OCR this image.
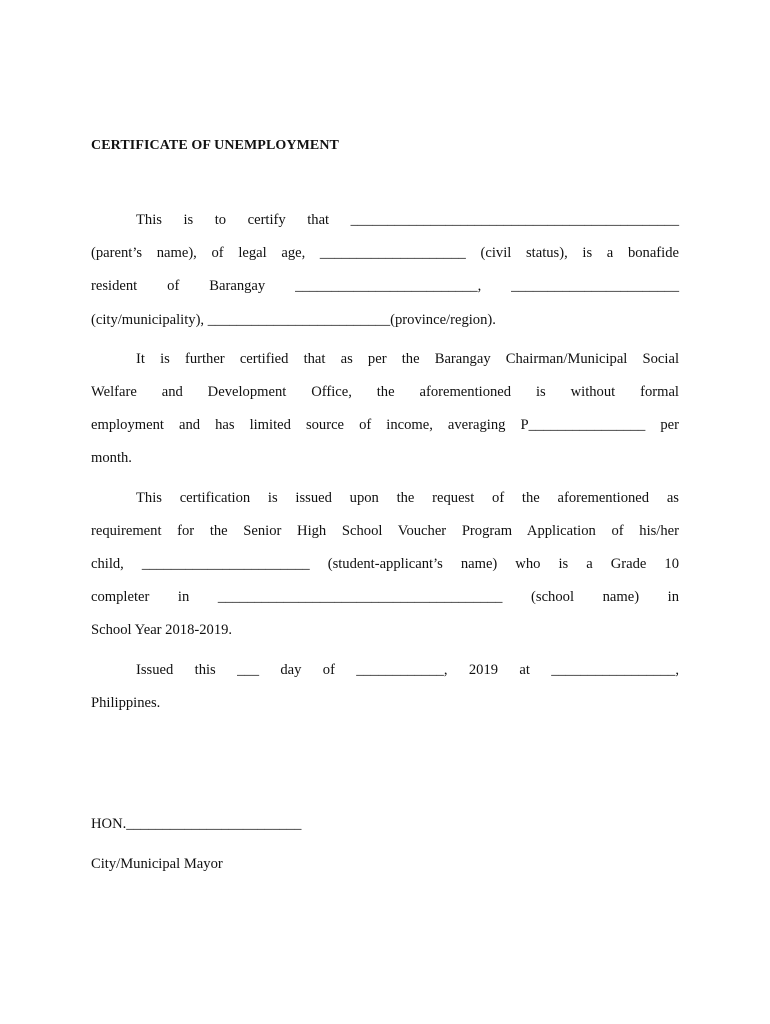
CERTIFICATE OF UNEMPLOYMENT
This is to certify that _____________________________________________
(parent’s name), of legal age, ____________________ (civil status), is a bonafide
resident of Barangay _________________________, _______________________
(city/municipality), _________________________(province/region).
It is further certified that as per the Barangay Chairman/Municipal Social
Welfare and Development Office, the aforementioned is without formal
employment and has limited source of income, averaging P________________ per
month.
This certification is issued upon the request of the aforementioned as
requirement for the Senior High School Voucher Program Application of his/her
child, _______________________ (student-applicant’s name) who is a Grade 10
completer in _______________________________________ (school name) in
School Year 2018-2019.
Issued this ___ day of ____________, 2019 at _________________,
Philippines.
HON.________________________
City/Municipal Mayor
